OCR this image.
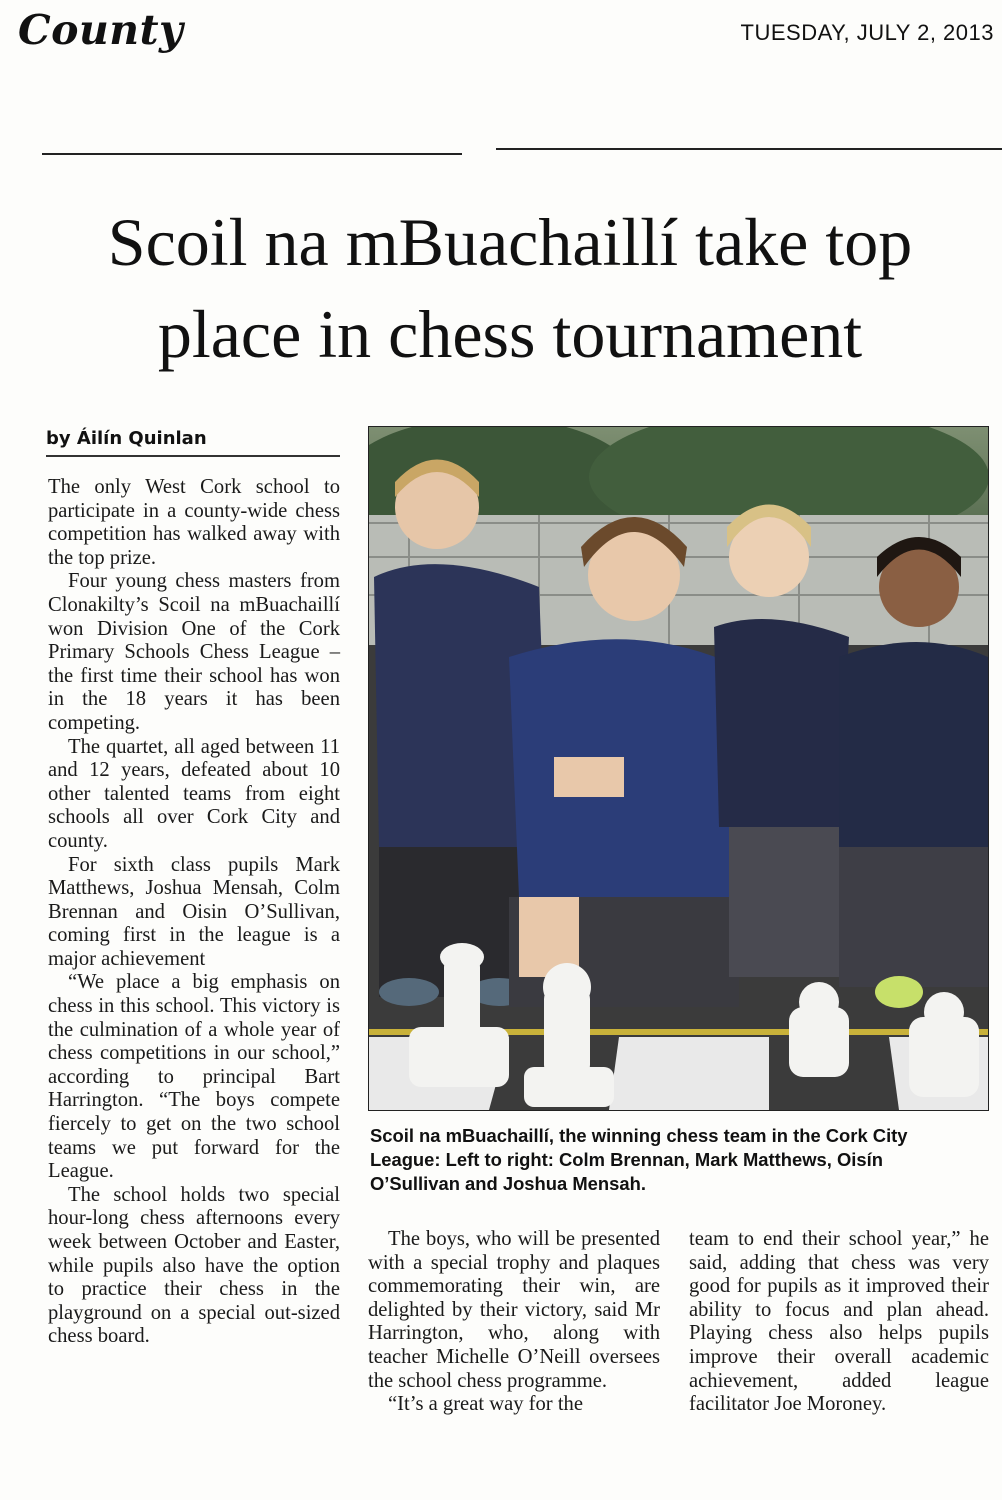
County	TUESDAY, JULY 2, 2013
Scoil na mBuachaillí take top
place in chess tournament
by Áilín Quinlan

The only West Cork school to participate in a county-wide chess competition has walked away with the top prize.

Four young chess masters from Clonakilty’s Scoil na mBuachaillí won Division One of the Cork Primary Schools Chess League – the first time their school has won in the 18 years it has been competing.

The quartet, all aged between 11 and 12 years, defeated about 10 other talented teams from eight schools all over Cork City and county.

For sixth class pupils Mark Matthews, Joshua Mensah, Colm Brennan and Oisin O’Sullivan, coming first in the league is a major achievement

“We place a big emphasis on chess in this school. This victory is the culmination of a whole year of chess competitions in our school,” according to principal Bart Harrington. “The boys compete fiercely to get on the two school teams we put forward for the League.

The school holds two special hour-long chess afternoons every week between October and Easter, while pupils also have the option to practice their chess in the playground on a special out-sized chess board.

Scoil na mBuachaillí, the winning chess team in the Cork City League: Left to right: Colm Brennan, Mark Matthews, Oisín O’Sullivan and Joshua Mensah.

The boys, who will be presented with a special trophy and plaques commemorating their win, are delighted by their victory, said Mr Harrington, who, along with teacher Michelle O’Neill oversees the school chess programme.

“It’s a great way for the

team to end their school year,” he said, adding that chess was very good for pupils as it improved their ability to focus and plan ahead. Playing chess also helps pupils improve their overall academic achievement, added league facilitator Joe Moroney.
